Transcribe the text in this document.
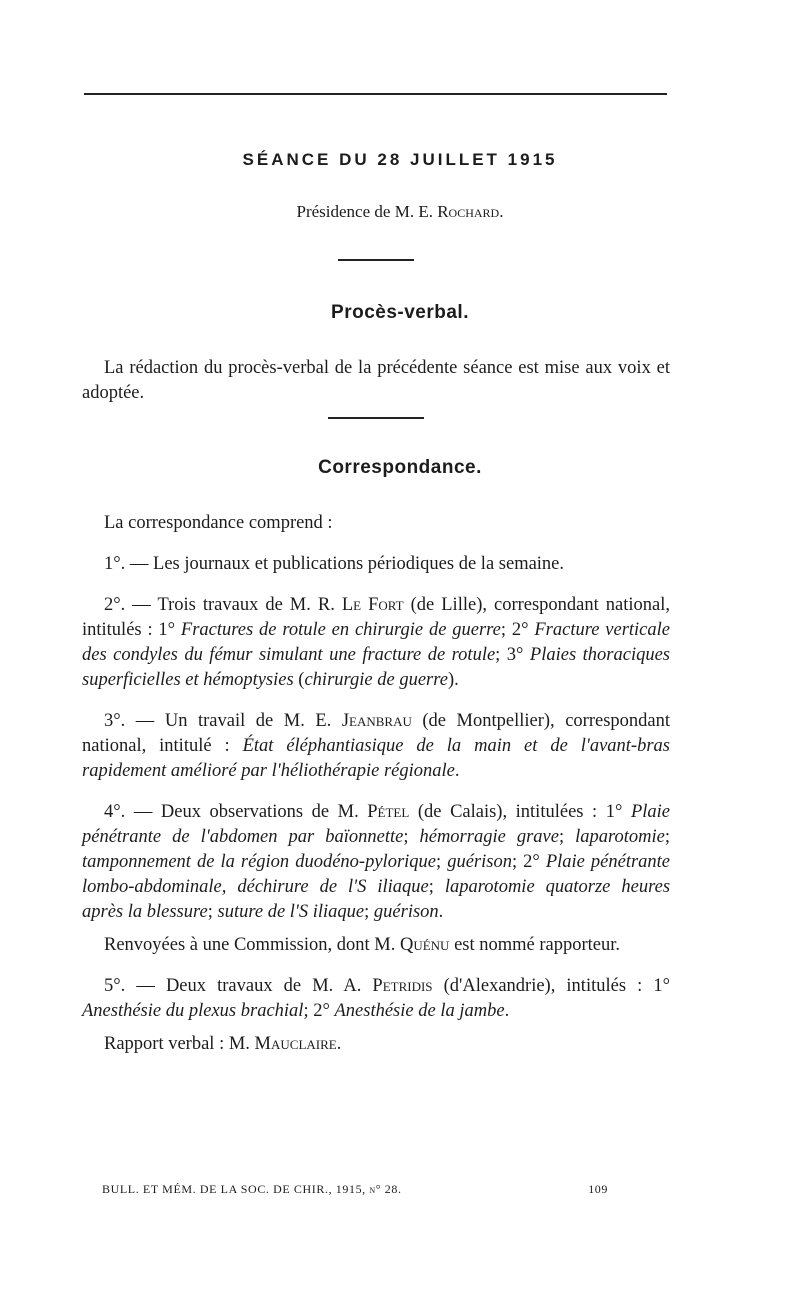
SÉANCE DU 28 JUILLET 1915
Présidence de M. E. Rochard.
Procès-verbal.

La rédaction du procès-verbal de la précédente séance est mise aux voix et adoptée.

Correspondance.

La correspondance comprend :

1°. — Les journaux et publications périodiques de la semaine.

2°. — Trois travaux de M. R. Le Fort (de Lille), correspondant national, intitulés : 1° Fractures de rotule en chirurgie de guerre; 2° Fracture verticale des condyles du fémur simulant une fracture de rotule; 3° Plaies thoraciques superficielles et hémoptysies (chirurgie de guerre).

3°. — Un travail de M. E. Jeanbrau (de Montpellier), correspondant national, intitulé : État éléphantiasique de la main et de l'avant-bras rapidement amélioré par l'héliothérapie régionale.

4°. — Deux observations de M. Pétel (de Calais), intitulées : 1° Plaie pénétrante de l'abdomen par baïonnette; hémorragie grave; laparotomie; tamponnement de la région duodéno-pylorique; guérison; 2° Plaie pénétrante lombo-abdominale, déchirure de l'S iliaque; laparotomie quatorze heures après la blessure; suture de l'S iliaque; guérison.

Renvoyées à une Commission, dont M. Quénu est nommé rapporteur.

5°. — Deux travaux de M. A. Petridis (d'Alexandrie), intitulés : 1° Anesthésie du plexus brachial; 2° Anesthésie de la jambe.

Rapport verbal : M. Mauclaire.

BULL. ET MÉM. DE LA SOC. DE CHIR., 1915, n° 28.	109
